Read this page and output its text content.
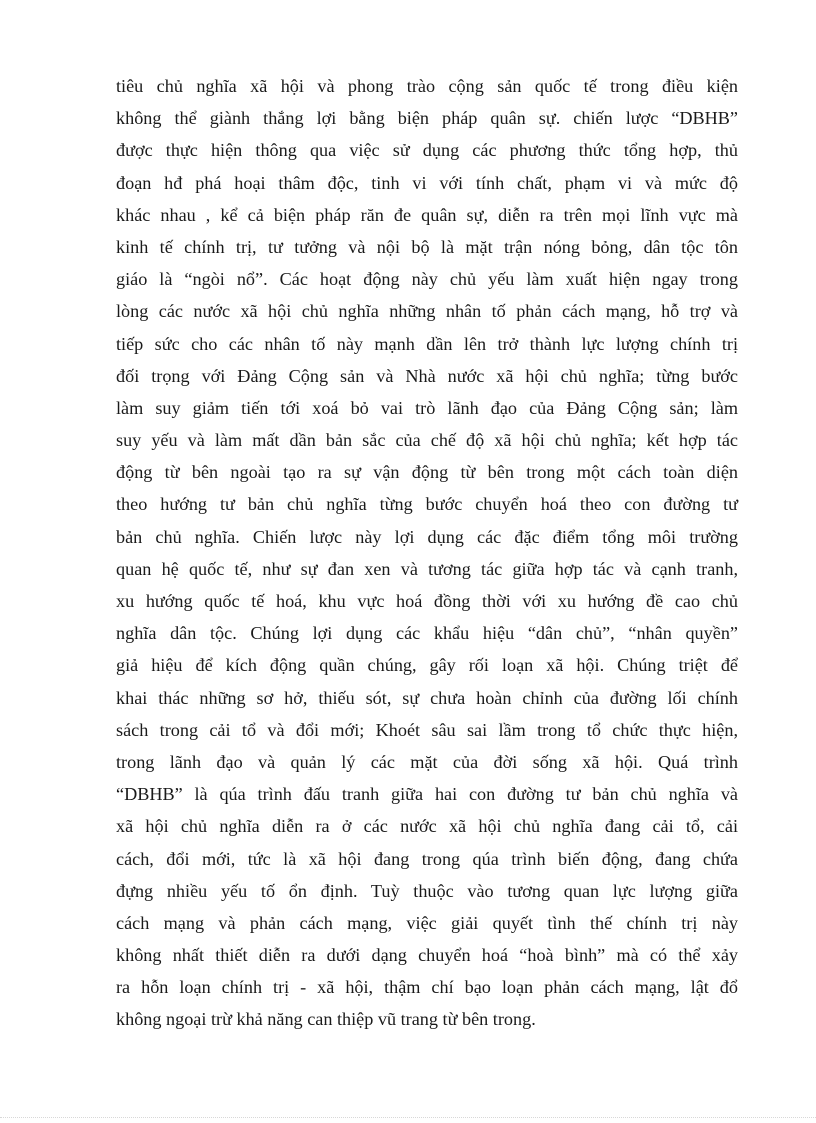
tiêu chủ nghĩa xã hội và phong trào cộng sản quốc tế trong điều kiện
không thể giành thắng lợi bằng biện pháp quân sự. chiến lược “DBHB”
được thực hiện thông qua việc sử dụng các phương thức tổng hợp, thủ
đoạn hđ phá hoại thâm độc, tinh vi với tính chất, phạm vi và mức độ
khác nhau , kể cả biện pháp răn đe quân sự, diễn ra trên mọi lĩnh vực mà
kinh tế chính trị, tư tưởng và nội bộ là mặt trận nóng bỏng, dân tộc tôn
giáo là “ngòi nổ”. Các hoạt động này chủ yếu làm xuất hiện ngay trong
lòng các nước xã hội chủ nghĩa những nhân tố phản cách mạng, hỗ trợ và
tiếp sức cho các nhân tố này mạnh dần lên trở thành lực lượng chính trị
đối trọng với Đảng Cộng sản và Nhà nước xã hội chủ nghĩa; từng bước
làm suy giảm tiến tới xoá bỏ vai trò lãnh đạo của Đảng Cộng sản; làm
suy yếu và làm mất dần bản sắc của chế độ xã hội chủ nghĩa; kết hợp tác
động từ bên ngoài tạo ra sự vận động từ bên trong một cách toàn diện
theo hướng tư bản chủ nghĩa từng bước chuyển hoá theo con đường tư
bản chủ nghĩa. Chiến lược này lợi dụng các đặc điểm tổng môi trường
quan hệ quốc tế, như sự đan xen và tương tác giữa hợp tác và cạnh tranh,
xu hướng quốc tế hoá, khu vực hoá đồng thời với xu hướng đề cao chủ
nghĩa dân tộc. Chúng lợi dụng các khẩu hiệu “dân chủ”, “nhân quyền”
giả hiệu để kích động quần chúng, gây rối loạn xã hội. Chúng triệt để
khai thác những sơ hở, thiếu sót, sự chưa hoàn chỉnh của đường lối chính
sách trong cải tổ và đổi mới; Khoét sâu sai lầm trong tổ chức thực hiện,
trong lãnh đạo và quản lý các mặt của đời sống xã hội. Quá trình
“DBHB” là qúa trình đấu tranh giữa hai con đường tư bản chủ nghĩa và
xã hội chủ nghĩa diễn ra ở các nước xã hội chủ nghĩa đang cải tổ, cải
cách, đổi mới, tức là xã hội đang trong qúa trình biến động, đang chứa
đựng nhiều yếu tố ổn định. Tuỳ thuộc vào tương quan lực lượng giữa
cách mạng và phản cách mạng, việc giải quyết tình thế chính trị này
không nhất thiết diễn ra dưới dạng chuyển hoá “hoà bình” mà có thể xảy
ra hỗn loạn chính trị - xã hội, thậm chí bạo loạn phản cách mạng, lật đổ
không ngoại trừ khả năng can thiệp vũ trang từ bên trong.
